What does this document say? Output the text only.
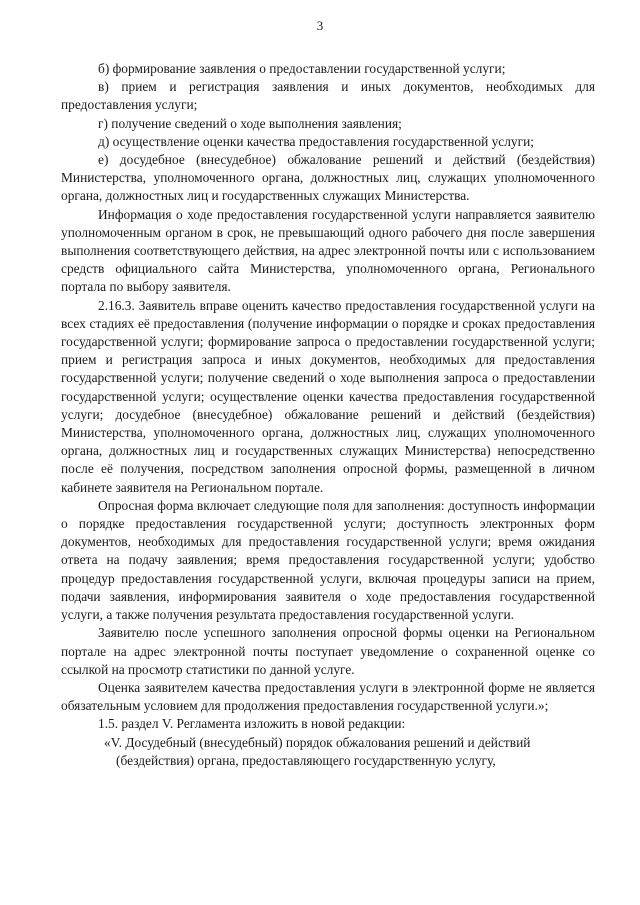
3

б) формирование заявления о предоставлении государственной услуги;

в) прием и регистрация заявления и иных документов, необходимых для предоставления услуги;

г) получение сведений о ходе выполнения заявления;

д) осуществление оценки качества предоставления государственной услуги;

е) досудебное (внесудебное) обжалование решений и действий (бездействия) Министерства, уполномоченного органа, должностных лиц, служащих уполномоченного органа, должностных лиц и государственных служащих Министерства.

Информация о ходе предоставления государственной услуги направляется заявителю уполномоченным органом в срок, не превышающий одного рабочего дня после завершения выполнения соответствующего действия, на адрес электронной почты или с использованием средств официального сайта Министерства, уполномоченного органа, Регионального портала по выбору заявителя.

2.16.3. Заявитель вправе оценить качество предоставления государственной услуги на всех стадиях её предоставления (получение информации о порядке и сроках предоставления государственной услуги; формирование запроса о предоставлении государственной услуги; прием и регистрация запроса и иных документов, необходимых для предоставления государственной услуги; получение сведений о ходе выполнения запроса о предоставлении государственной услуги; осуществление оценки качества предоставления государственной услуги; досудебное (внесудебное) обжалование решений и действий (бездействия) Министерства, уполномоченного органа, должностных лиц, служащих уполномоченного органа, должностных лиц и государственных служащих Министерства) непосредственно после её получения, посредством заполнения опросной формы, размещенной в личном кабинете заявителя на Региональном портале.

Опросная форма включает следующие поля для заполнения: доступность информации о порядке предоставления государственной услуги; доступность электронных форм документов, необходимых для предоставления государственной услуги; время ожидания ответа на подачу заявления; время предоставления государственной услуги; удобство процедур предоставления государственной услуги, включая процедуры записи на прием, подачи заявления, информирования заявителя о ходе предоставления государственной услуги, а также получения результата предоставления государственной услуги.

Заявителю после успешного заполнения опросной формы оценки на Региональном портале на адрес электронной почты поступает уведомление о сохраненной оценке со ссылкой на просмотр статистики по данной услуге.

Оценка заявителем качества предоставления услуги в электронной форме не является обязательным условием для продолжения предоставления государственной услуги.»;

1.5. раздел V. Регламента изложить в новой редакции:

«V. Досудебный (внесудебный) порядок обжалования решений и действий
(бездействия) органа, предоставляющего государственную услугу,
